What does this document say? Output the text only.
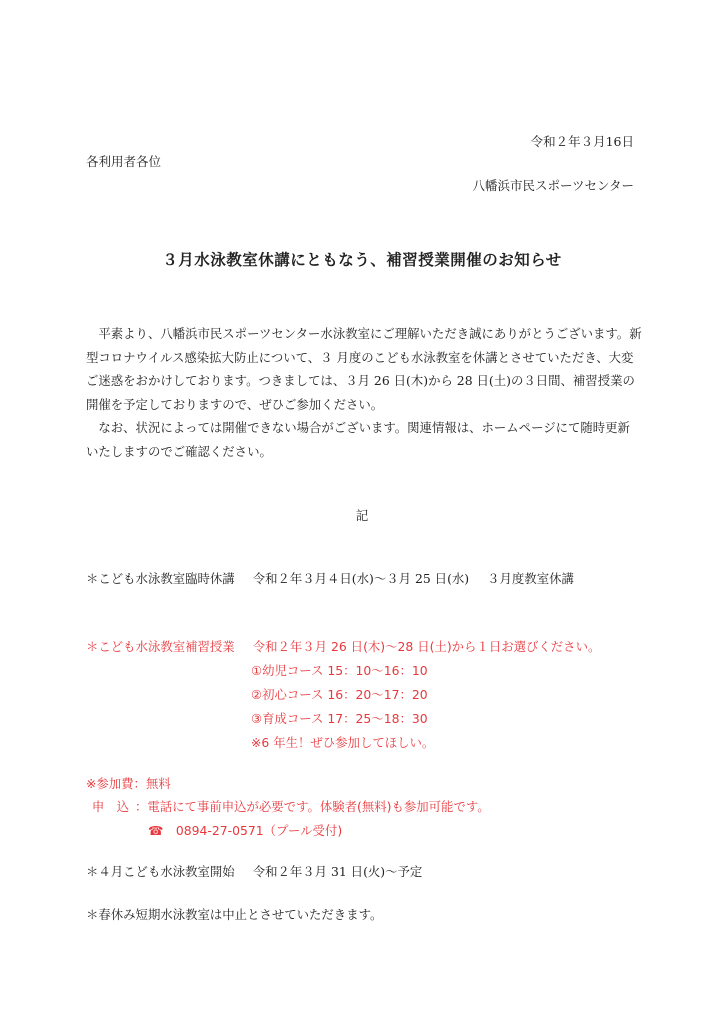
令和２年３月16日
各利用者各位
八幡浜市民スポーツセンター
３月水泳教室休講にともなう、補習授業開催のお知らせ

　平素より、八幡浜市民スポーツセンター水泳教室にご理解いただき誠にありがとうございます。新型コロナウイルス感染拡大防止について、３ 月度のこども水泳教室を休講とさせていただき、大変ご迷惑をおかけしております。つきましては、３月 26 日(木)から 28 日(土)の３日間、補習授業の開催を予定しておりますので、ぜひご参加ください。

　なお、状況によっては開催できない場合がございます。関連情報は、ホームページにて随時更新いたしますのでご確認ください。

記
＊こども水泳教室臨時休講 令和２年３月４日(水)～３月 25 日(水) ３月度教室休講
＊こども水泳教室補習授業 令和２年３月 26 日(木)～28 日(土)から１日お選びください。
①幼児コース 15：10～16：10
②初心コース 16：20～17：20
③育成コース 17：25～18：30
※6 年生！ぜひ参加してほしい。
※参加費：無料
申　込 ：電話にて事前申込が必要です。体験者(無料)も参加可能です。
☎　 0894-27-0571（プール受付)
＊４月こども水泳教室開始 令和２年３月 31 日(火)～予定
＊春休み短期水泳教室は中止とさせていただきます。
